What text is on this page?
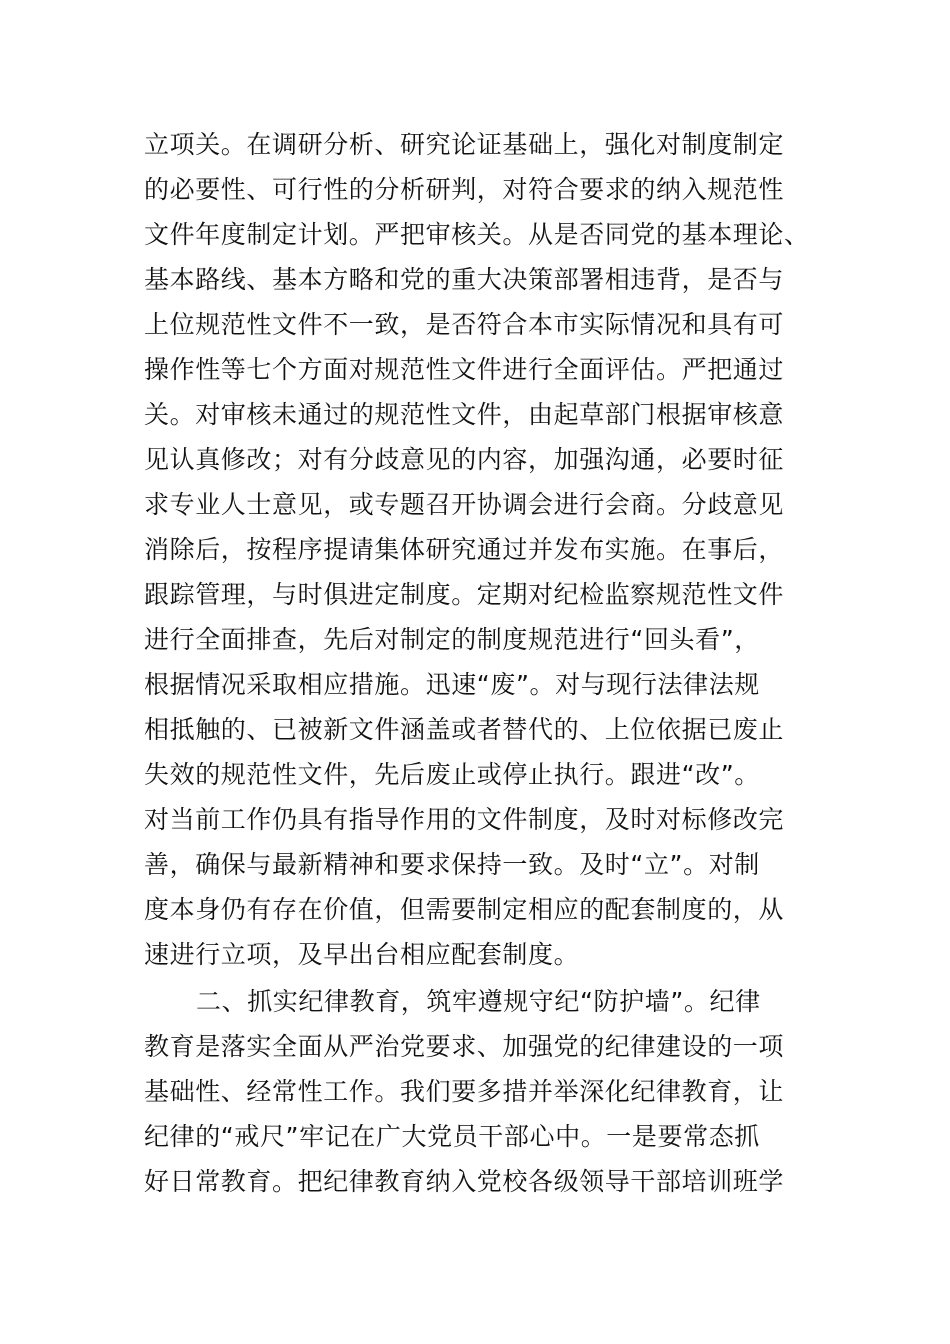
立项关。在调研分析、研究论证基础上，强化对制度制定
的必要性、可行性的分析研判，对符合要求的纳入规范性
文件年度制定计划。严把审核关。从是否同党的基本理论、
基本路线、基本方略和党的重大决策部署相违背，是否与
上位规范性文件不一致，是否符合本市实际情况和具有可
操作性等七个方面对规范性文件进行全面评估。严把通过
关。对审核未通过的规范性文件，由起草部门根据审核意
见认真修改；对有分歧意见的内容，加强沟通，必要时征
求专业人士意见，或专题召开协调会进行会商。分歧意见
消除后，按程序提请集体研究通过并发布实施。在事后，
跟踪管理，与时俱进定制度。定期对纪检监察规范性文件
进行全面排查，先后对制定的制度规范进行“回头看”，
根据情况采取相应措施。迅速“废”。对与现行法律法规
相抵触的、已被新文件涵盖或者替代的、上位依据已废止
失效的规范性文件，先后废止或停止执行。跟进“改”。
对当前工作仍具有指导作用的文件制度，及时对标修改完
善，确保与最新精神和要求保持一致。及时“立”。对制
度本身仍有存在价值，但需要制定相应的配套制度的，从
速进行立项，及早出台相应配套制度。
二、抓实纪律教育，筑牢遵规守纪“防护墙”。纪律
教育是落实全面从严治党要求、加强党的纪律建设的一项
基础性、经常性工作。我们要多措并举深化纪律教育，让
纪律的“戒尺”牢记在广大党员干部心中。一是要常态抓
好日常教育。把纪律教育纳入党校各级领导干部培训班学
